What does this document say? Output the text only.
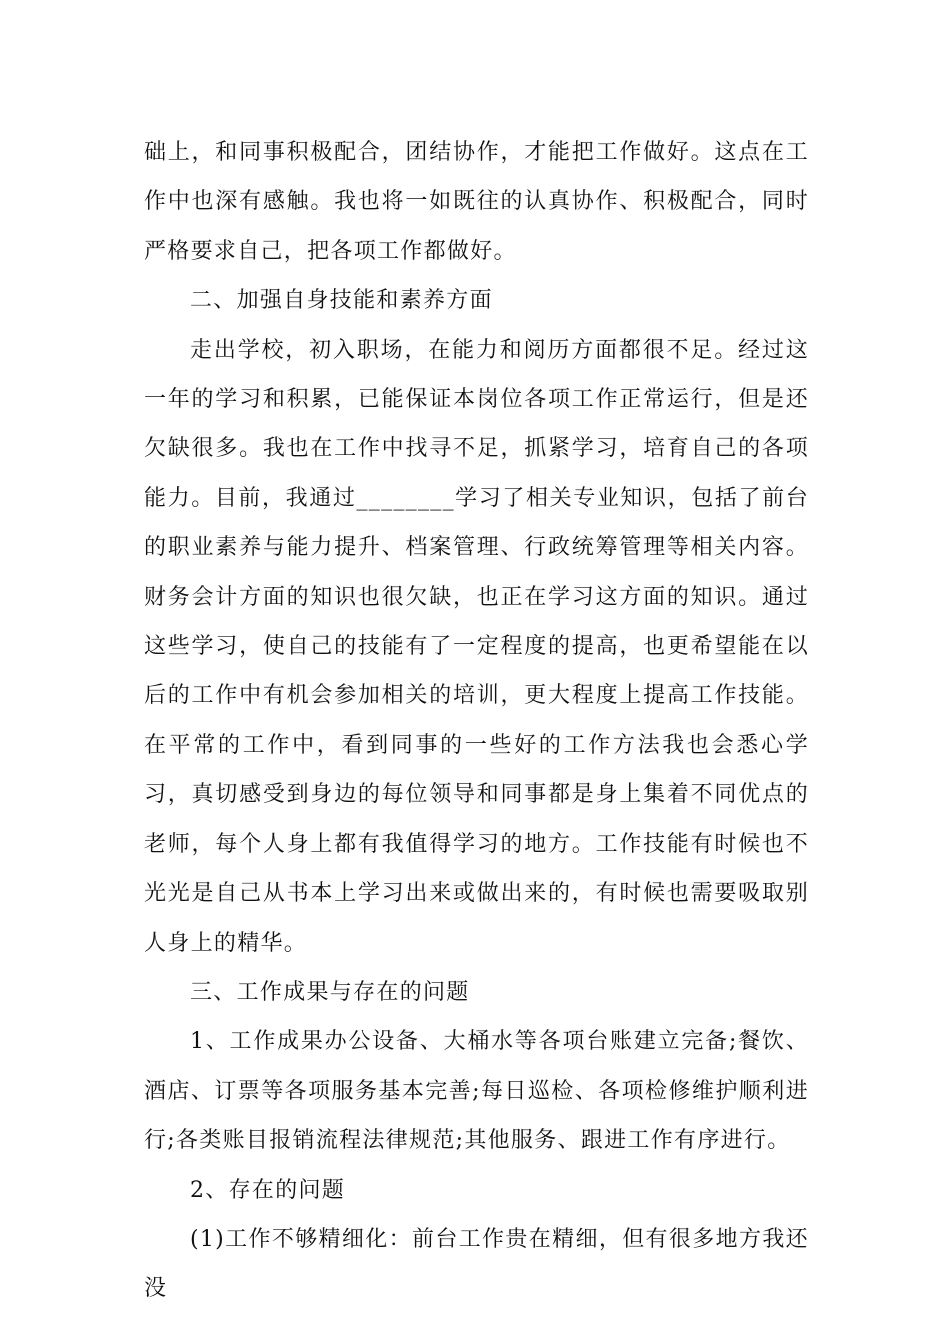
础上，和同事积极配合，团结协作，才能把工作做好。这点在工作中也深有感触。我也将一如既往的认真协作、积极配合，同时严格要求自己，把各项工作都做好。

二、加强自身技能和素养方面

走出学校，初入职场，在能力和阅历方面都很不足。经过这一年的学习和积累，已能保证本岗位各项工作正常运行，但是还欠缺很多。我也在工作中找寻不足，抓紧学习，培育自己的各项能力。目前，我通过________学习了相关专业知识，包括了前台的职业素养与能力提升、档案管理、行政统筹管理等相关内容。财务会计方面的知识也很欠缺，也正在学习这方面的知识。通过这些学习，使自己的技能有了一定程度的提高，也更希望能在以后的工作中有机会参加相关的培训，更大程度上提高工作技能。在平常的工作中，看到同事的一些好的工作方法我也会悉心学习，真切感受到身边的每位领导和同事都是身上集着不同优点的老师，每个人身上都有我值得学习的地方。工作技能有时候也不光光是自己从书本上学习出来或做出来的，有时候也需要吸取别人身上的精华。

三、工作成果与存在的问题

1、工作成果办公设备、大桶水等各项台账建立完备;餐饮、酒店、订票等各项服务基本完善;每日巡检、各项检修维护顺利进行;各类账目报销流程法律规范;其他服务、跟进工作有序进行。

2、存在的问题

(1)工作不够精细化：前台工作贵在精细，但有很多地方我还没
